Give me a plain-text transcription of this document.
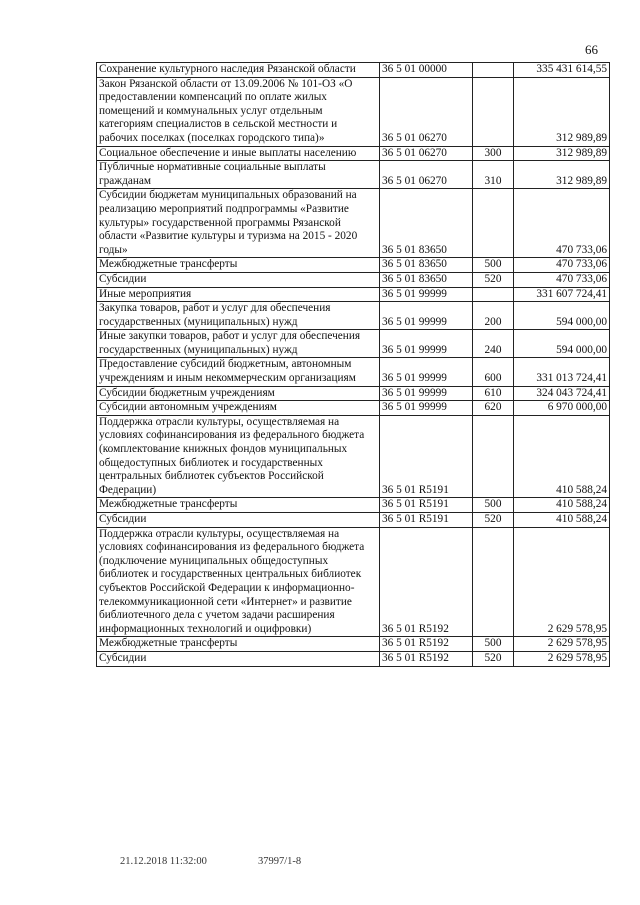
66
Сохранение культурного наследия Рязанской области	36 5 01 00000		335 431 614,55
Закон Рязанской области от 13.09.2006 № 101-ОЗ «О предоставлении компенсаций по оплате жилых помещений и коммунальных услуг отдельным категориям специалистов в сельской местности и рабочих поселках (поселках городского типа)»	36 5 01 06270		312 989,89
Социальное обеспечение и иные выплаты населению	36 5 01 06270	300	312 989,89
Публичные нормативные социальные выплаты гражданам	36 5 01 06270	310	312 989,89
Субсидии бюджетам муниципальных образований на реализацию мероприятий подпрограммы «Развитие культуры» государственной программы Рязанской области «Развитие культуры и туризма на 2015 - 2020 годы»	36 5 01 83650		470 733,06
Межбюджетные трансферты	36 5 01 83650	500	470 733,06
Субсидии	36 5 01 83650	520	470 733,06
Иные мероприятия	36 5 01 99999		331 607 724,41
Закупка товаров, работ и услуг для обеспечения государственных (муниципальных) нужд	36 5 01 99999	200	594 000,00
Иные закупки товаров, работ и услуг для обеспечения государственных (муниципальных) нужд	36 5 01 99999	240	594 000,00
Предоставление субсидий бюджетным, автономным учреждениям и иным некоммерческим организациям	36 5 01 99999	600	331 013 724,41
Субсидии бюджетным учреждениям	36 5 01 99999	610	324 043 724,41
Субсидии автономным учреждениям	36 5 01 99999	620	6 970 000,00
Поддержка отрасли культуры, осуществляемая на условиях софинансирования из федерального бюджета (комплектование книжных фондов муниципальных общедоступных библиотек и государственных центральных библиотек субъектов Российской Федерации)	36 5 01 R5191		410 588,24
Межбюджетные трансферты	36 5 01 R5191	500	410 588,24
Субсидии	36 5 01 R5191	520	410 588,24
Поддержка отрасли культуры, осуществляемая на условиях софинансирования из федерального бюджета (подключение муниципальных общедоступных библиотек и государственных центральных библиотек субъектов Российской Федерации к информационно-телекоммуникационной сети «Интернет» и развитие библиотечного дела с учетом задачи расширения информационных технологий и оцифровки)	36 5 01 R5192		2 629 578,95
Межбюджетные трансферты	36 5 01 R5192	500	2 629 578,95
Субсидии	36 5 01 R5192	520	2 629 578,95
21.12.2018 11:32:00	37997/1-8
